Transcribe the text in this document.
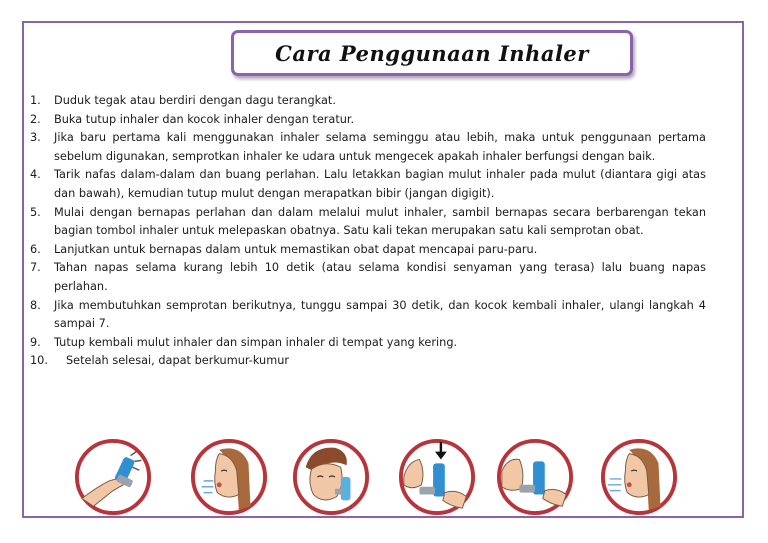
Cara Penggunaan Inhaler
1. Duduk tegak atau berdiri dengan dagu terangkat.
2. Buka tutup inhaler dan kocok inhaler dengan teratur.
3. Jika baru pertama kali menggunakan inhaler selama seminggu atau lebih, maka untuk penggunaan pertama sebelum digunakan, semprotkan inhaler ke udara untuk mengecek apakah inhaler berfungsi dengan baik.
4. Tarik nafas dalam-dalam dan buang perlahan. Lalu letakkan bagian mulut inhaler pada mulut (diantara gigi atas dan bawah), kemudian tutup mulut dengan merapatkan bibir (jangan digigit).
5. Mulai dengan bernapas perlahan dan dalam melalui mulut inhaler, sambil bernapas secara berbarengan tekan bagian tombol inhaler untuk melepaskan obatnya. Satu kali tekan merupakan satu kali semprotan obat.
6. Lanjutkan untuk bernapas dalam untuk memastikan obat dapat mencapai paru-paru.
7. Tahan napas selama kurang lebih 10 detik (atau selama kondisi senyaman yang terasa) lalu buang napas perlahan.
8. Jika membutuhkan semprotan berikutnya, tunggu sampai 30 detik, dan kocok kembali inhaler, ulangi langkah 4 sampai 7.
9. Tutup kembali mulut inhaler dan simpan inhaler di tempat yang kering.
10. Setelah selesai, dapat berkumur-kumur
